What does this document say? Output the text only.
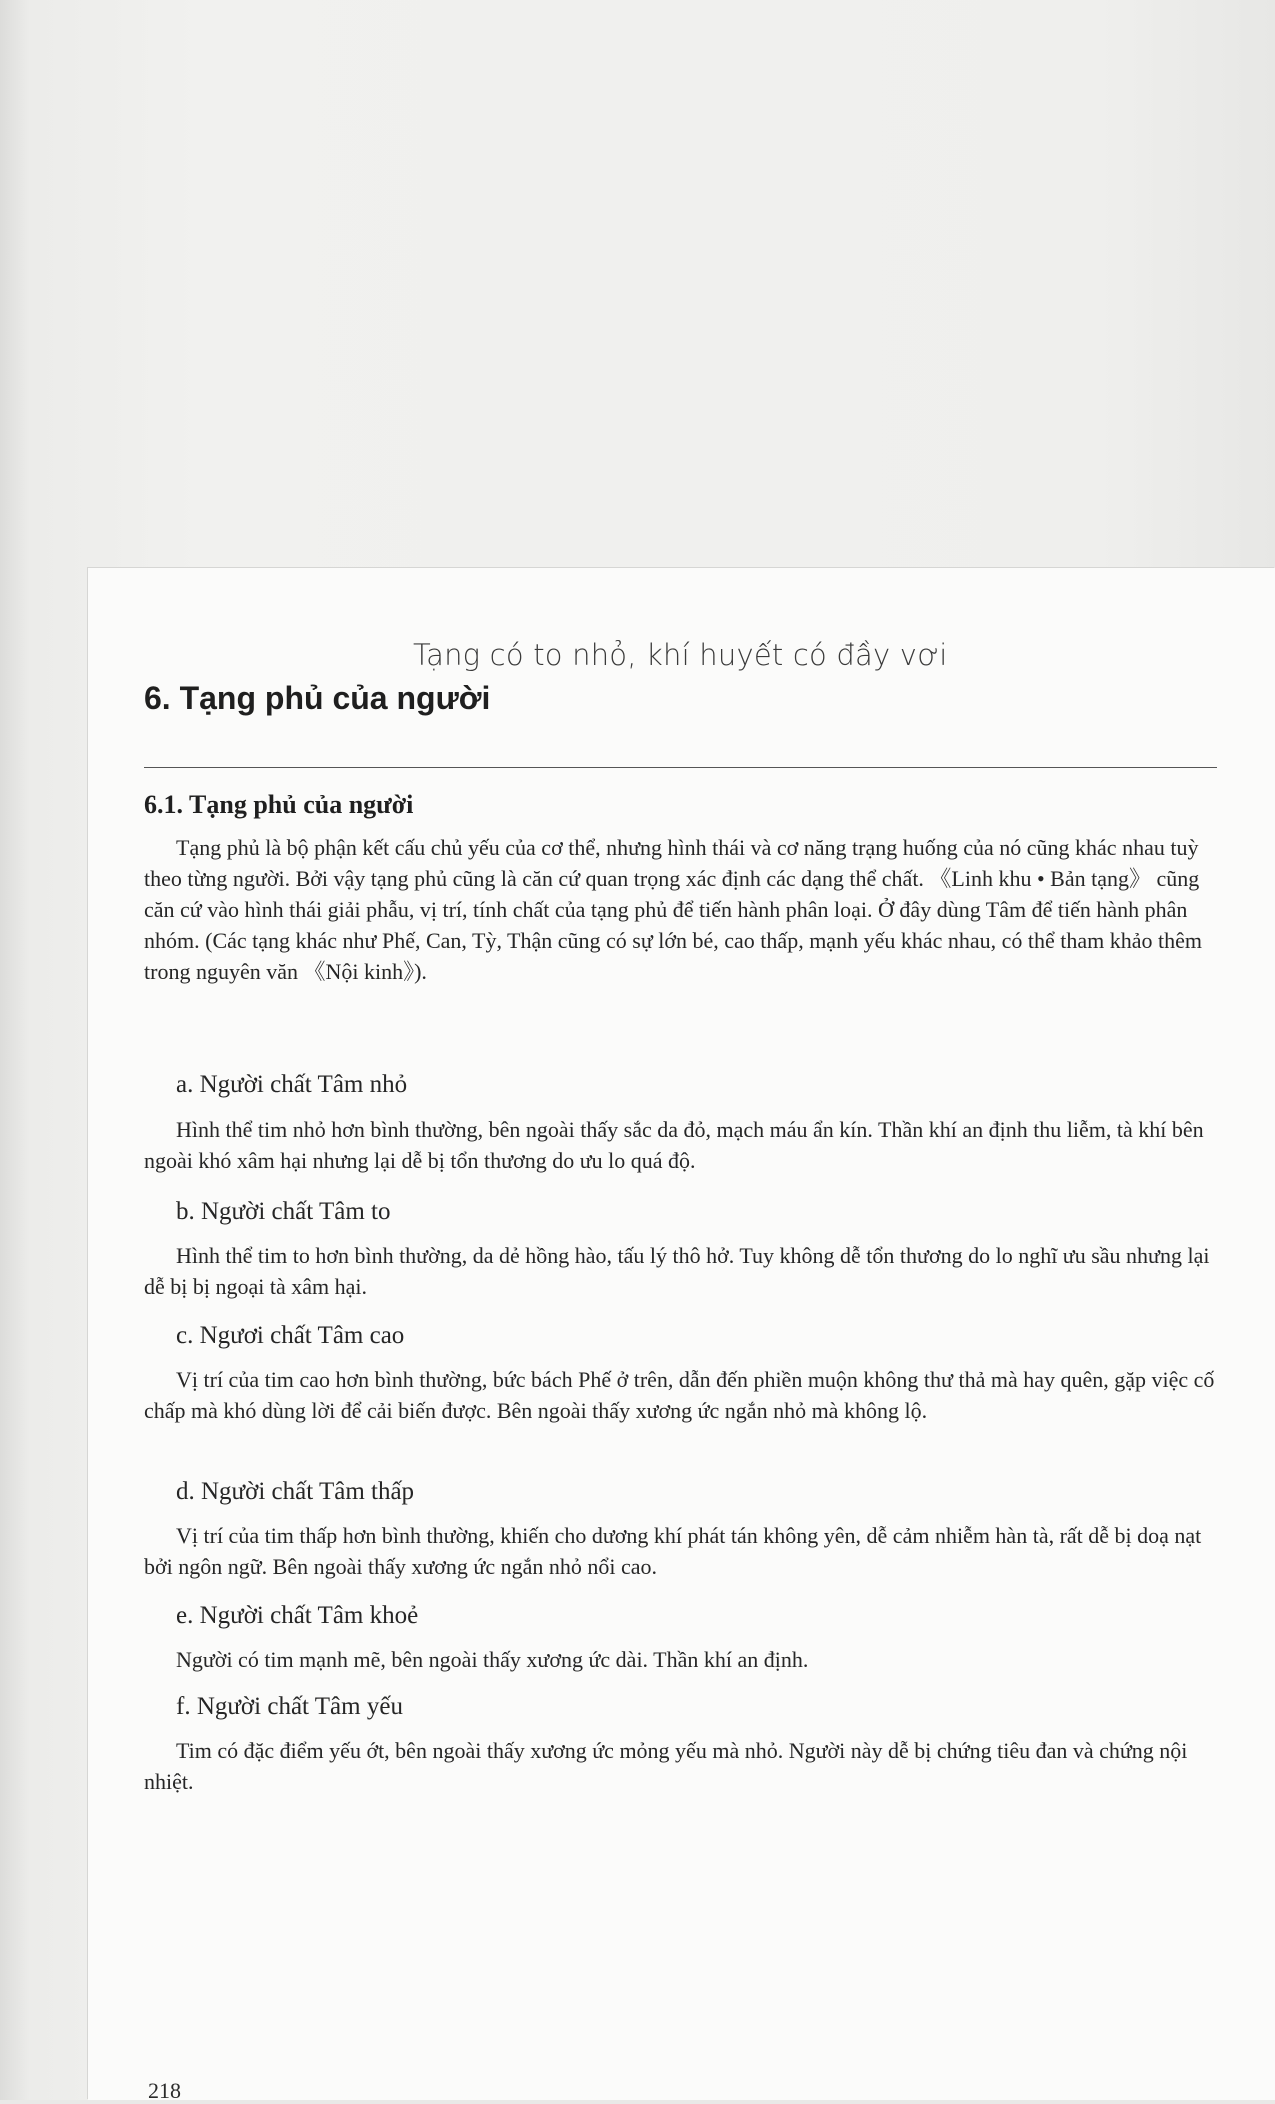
Tạng có to nhỏ, khí huyết có đầy vơi
6. Tạng phủ của người
6.1. Tạng phủ của người
Tạng phủ là bộ phận kết cấu chủ yếu của cơ thể, nhưng hình thái và cơ năng trạng huống của nó cũng khác nhau tuỳ theo từng người. Bởi vậy tạng phủ cũng là căn cứ quan trọng xác định các dạng thể chất. 《Linh khu • Bản tạng》 cũng căn cứ vào hình thái giải phẫu, vị trí, tính chất của tạng phủ để tiến hành phân loại. Ở đây dùng Tâm để tiến hành phân nhóm. (Các tạng khác như Phế, Can, Tỳ, Thận cũng có sự lớn bé, cao thấp, mạnh yếu khác nhau, có thể tham khảo thêm trong nguyên văn 《Nội kinh》).
a. Người chất Tâm nhỏ
Hình thể tim nhỏ hơn bình thường, bên ngoài thấy sắc da đỏ, mạch máu ẩn kín. Thần khí an định thu liễm, tà khí bên ngoài khó xâm hại nhưng lại dễ bị tổn thương do ưu lo quá độ.
b. Người chất Tâm to
Hình thể tim to hơn bình thường, da dẻ hồng hào, tấu lý thô hở. Tuy không dễ tổn thương do lo nghĩ ưu sầu nhưng lại dễ bị bị ngoại tà xâm hại.
c. Ngươi chất Tâm cao
Vị trí của tim cao hơn bình thường, bức bách Phế ở trên, dẫn đến phiền muộn không thư thả mà hay quên, gặp việc cố chấp mà khó dùng lời để cải biến được. Bên ngoài thấy xương ức ngắn nhỏ mà không lộ.
d. Người chất Tâm thấp
Vị trí của tim thấp hơn bình thường, khiến cho dương khí phát tán không yên, dễ cảm nhiễm hàn tà, rất dễ bị doạ nạt bởi ngôn ngữ. Bên ngoài thấy xương ức ngắn nhỏ nổi cao.
e. Người chất Tâm khoẻ
Người có tim mạnh mẽ, bên ngoài thấy xương ức dài. Thần khí an định.
f. Người chất Tâm yếu
Tim có đặc điểm yếu ớt, bên ngoài thấy xương ức mỏng yếu mà nhỏ. Người này dễ bị chứng tiêu đan và chứng nội nhiệt.
218
